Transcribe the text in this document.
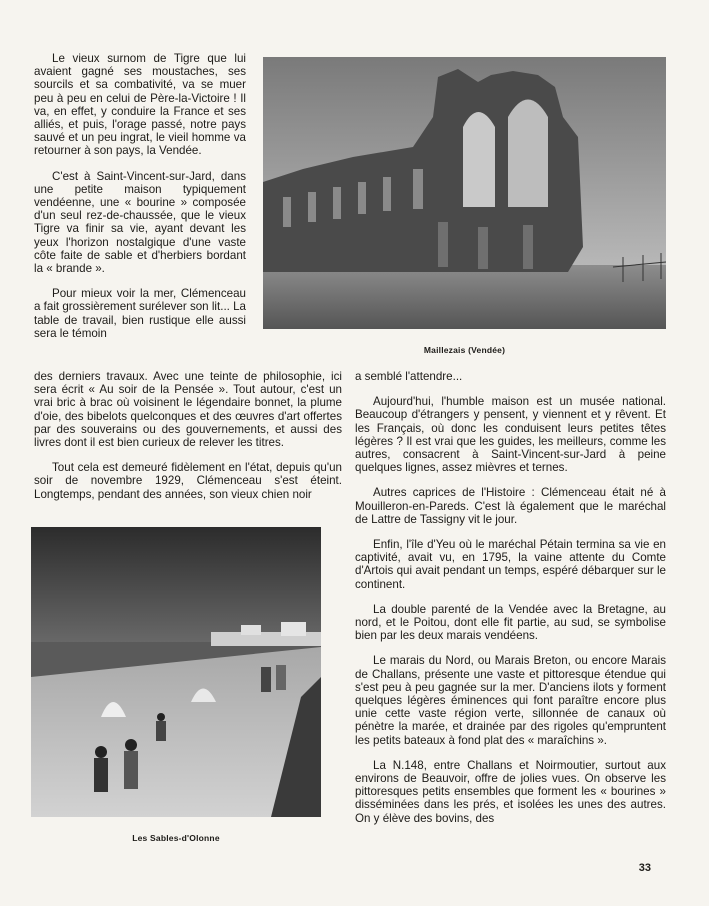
Le vieux surnom de Tigre que lui avaient gagné ses moustaches, ses sourcils et sa combativité, va se muer peu à peu en celui de Père-la-Victoire ! Il va, en effet, y conduire la France et ses alliés, et puis, l'orage passé, notre pays sauvé et un peu ingrat, le vieil homme va retourner à son pays, la Vendée.

C'est à Saint-Vincent-sur-Jard, dans une petite maison typiquement vendéenne, une « bourine » composée d'un seul rez-de-chaussée, que le vieux Tigre va finir sa vie, ayant devant les yeux l'horizon nostalgique d'une vaste côte faite de sable et d'herbiers bordant la « brande ».

Pour mieux voir la mer, Clémenceau a fait grossièrement surélever son lit... La table de travail, bien rustique elle aussi sera le témoin

Maillezais (Vendée)

des derniers travaux. Avec une teinte de philosophie, ici sera écrit « Au soir de la Pensée ». Tout autour, c'est un vrai bric à brac où voisinent le légendaire bonnet, la plume d'oie, des bibelots quelconques et des œuvres d'art offertes par des souverains ou des gouvernements, et aussi des livres dont il est bien curieux de relever les titres.

Tout cela est demeuré fidèlement en l'état, depuis qu'un soir de novembre 1929, Clémenceau s'est éteint. Longtemps, pendant des années, son vieux chien noir

Les Sables-d'Olonne

a semblé l'attendre...

Aujourd'hui, l'humble maison est un musée national. Beaucoup d'étrangers y pensent, y viennent et y rêvent. Et les Français, où donc les conduisent leurs petites têtes légères ? Il est vrai que les guides, les meilleurs, comme les autres, consacrent à Saint-Vincent-sur-Jard à peine quelques lignes, assez mièvres et ternes.

Autres caprices de l'Histoire : Clémenceau était né à Mouilleron-en-Pareds. C'est là également que le maréchal de Lattre de Tassigny vit le jour.

Enfin, l'île d'Yeu où le maréchal Pétain termina sa vie en captivité, avait vu, en 1795, la vaine attente du Comte d'Artois qui avait pendant un temps, espéré débarquer sur le continent.

La double parenté de la Vendée avec la Bretagne, au nord, et le Poitou, dont elle fit partie, au sud, se symbolise bien par les deux marais vendéens.

Le marais du Nord, ou Marais Breton, ou encore Marais de Challans, présente une vaste et pittoresque étendue qui s'est peu à peu gagnée sur la mer. D'anciens ilots y forment quelques légères éminences qui font paraître encore plus unie cette vaste région verte, sillonnée de canaux où pénètre la marée, et drainée par des rigoles qu'empruntent les petits bateaux à fond plat des « maraîchins ».

La N.148, entre Challans et Noirmoutier, surtout aux environs de Beauvoir, offre de jolies vues. On observe les pittoresques petits ensembles que forment les « bourines » disséminées dans les prés, et isolées les unes des autres. On y élève des bovins, des

33
